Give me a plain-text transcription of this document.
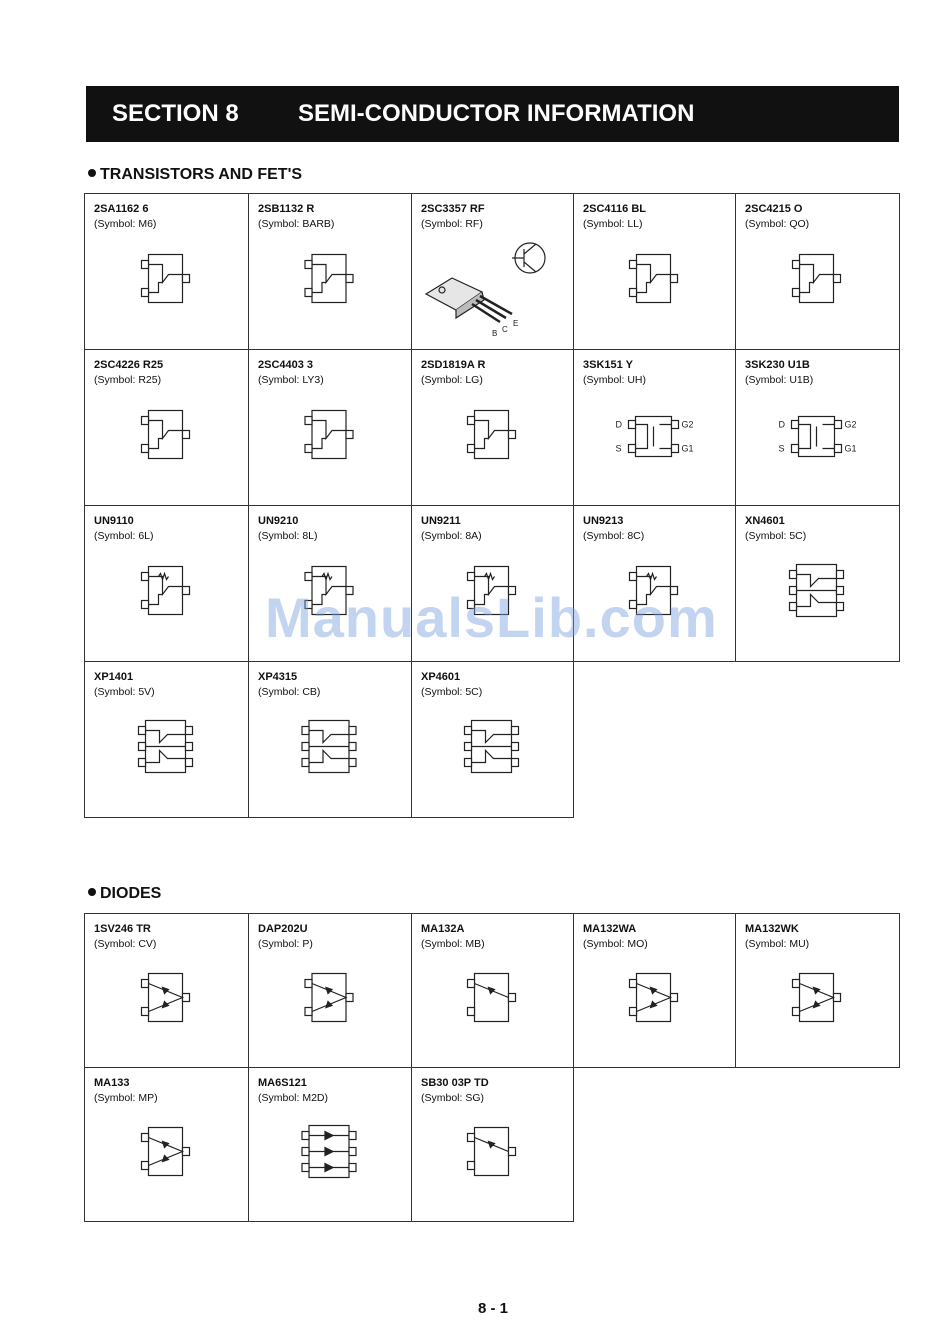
SECTION 8 SEMI-CONDUCTOR INFORMATION
TRANSISTORS AND FET'S
2SA1162 6
(Symbol: M6)
2SB1132 R
(Symbol: BARB)
2SC3357 RF
(Symbol: RF)
B C
E
2SC4116 BL
(Symbol: LL)
2SC4215 O
(Symbol: QO)
2SC4226 R25
(Symbol: R25)
2SC4403 3
(Symbol: LY3)
2SD1819A R
(Symbol: LG)
3SK151 Y
(Symbol: UH)
D
S
G2
G1
3SK230 U1B
(Symbol: U1B)
D
S
G2
G1
UN9110
(Symbol: 6L)
UN9210
(Symbol: 8L)
UN9211
(Symbol: 8A)
UN9213
(Symbol: 8C)
XN4601
(Symbol: 5C)
XP1401
(Symbol: 5V)
XP4315
(Symbol: CB)
XP4601
(Symbol: 5C)
DIODES
1SV246 TR
(Symbol: CV)
DAP202U
(Symbol: P)
MA132A
(Symbol: MB)
MA132WA
(Symbol: MO)
MA132WK
(Symbol: MU)
MA133
(Symbol: MP)
MA6S121
(Symbol: M2D)
SB30 03P TD
(Symbol: SG)
ManualsLib.com
8 - 1
